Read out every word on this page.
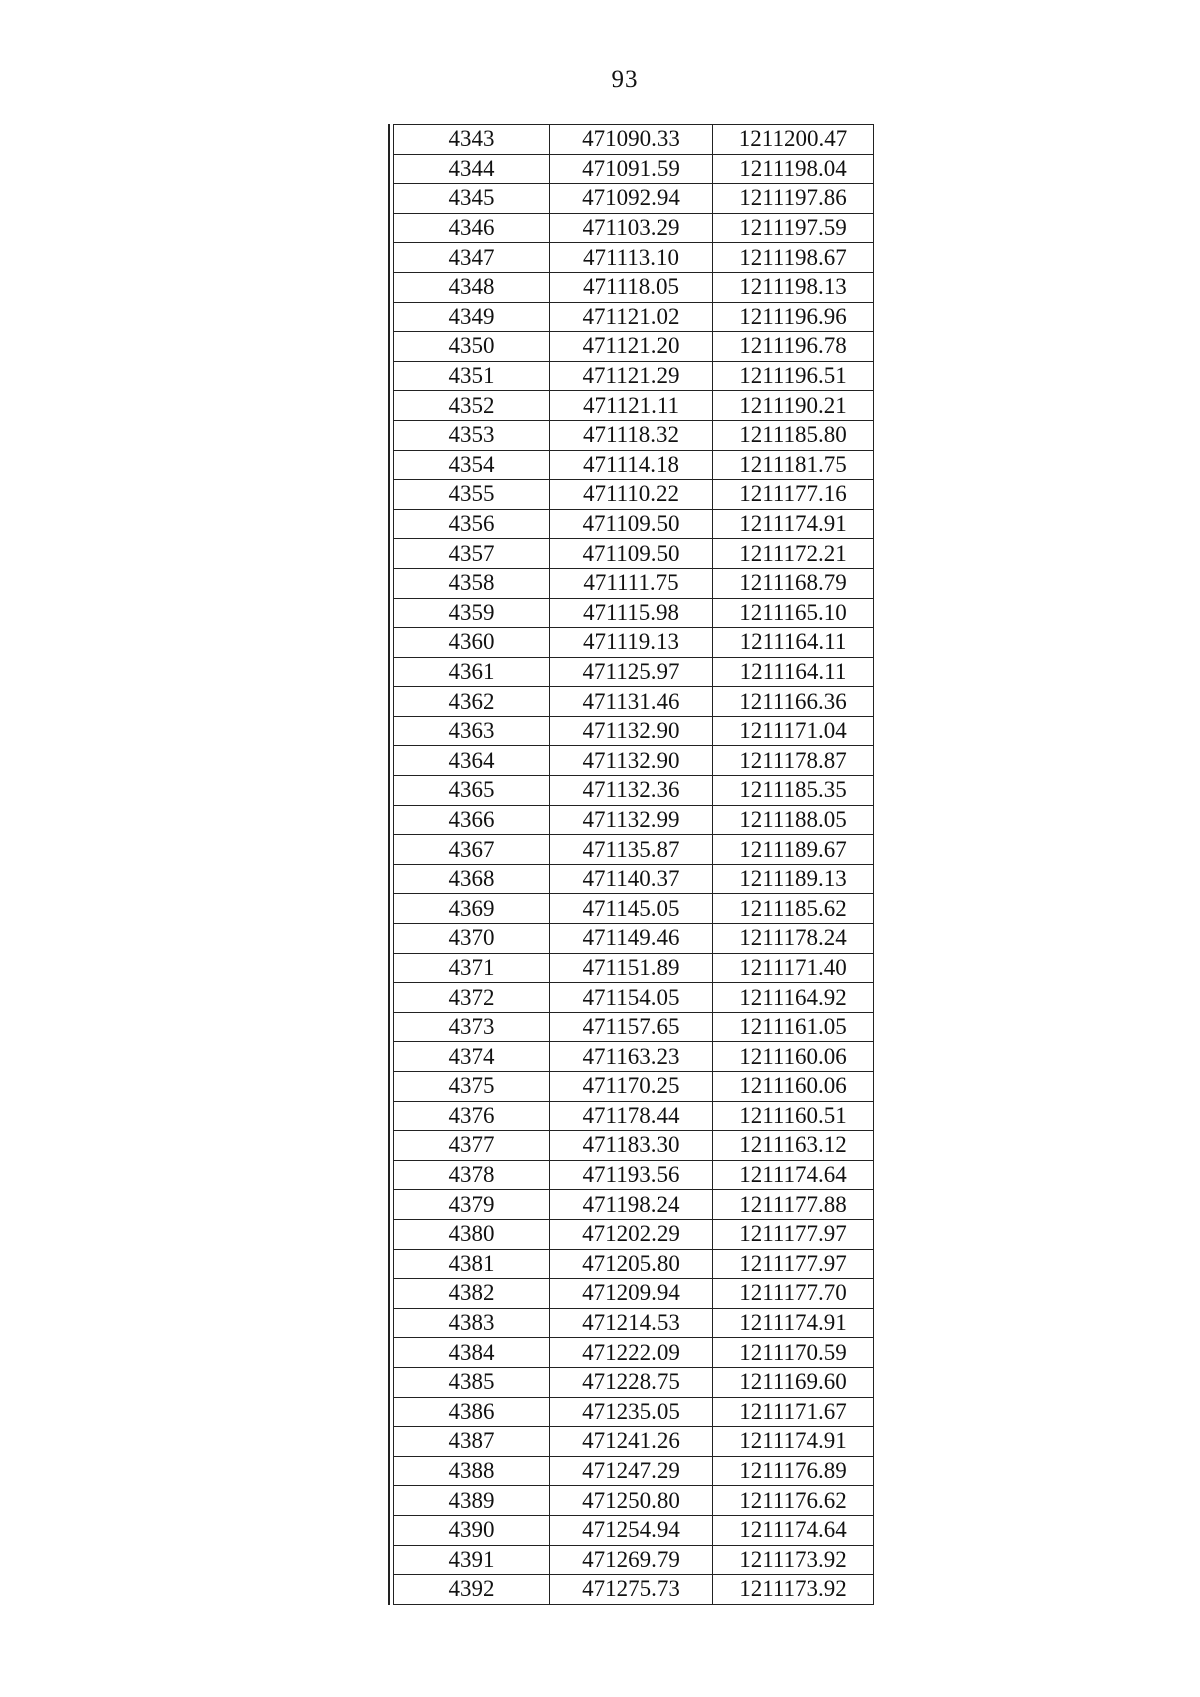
93
4343	471090.33	1211200.47
4344	471091.59	1211198.04
4345	471092.94	1211197.86
4346	471103.29	1211197.59
4347	471113.10	1211198.67
4348	471118.05	1211198.13
4349	471121.02	1211196.96
4350	471121.20	1211196.78
4351	471121.29	1211196.51
4352	471121.11	1211190.21
4353	471118.32	1211185.80
4354	471114.18	1211181.75
4355	471110.22	1211177.16
4356	471109.50	1211174.91
4357	471109.50	1211172.21
4358	471111.75	1211168.79
4359	471115.98	1211165.10
4360	471119.13	1211164.11
4361	471125.97	1211164.11
4362	471131.46	1211166.36
4363	471132.90	1211171.04
4364	471132.90	1211178.87
4365	471132.36	1211185.35
4366	471132.99	1211188.05
4367	471135.87	1211189.67
4368	471140.37	1211189.13
4369	471145.05	1211185.62
4370	471149.46	1211178.24
4371	471151.89	1211171.40
4372	471154.05	1211164.92
4373	471157.65	1211161.05
4374	471163.23	1211160.06
4375	471170.25	1211160.06
4376	471178.44	1211160.51
4377	471183.30	1211163.12
4378	471193.56	1211174.64
4379	471198.24	1211177.88
4380	471202.29	1211177.97
4381	471205.80	1211177.97
4382	471209.94	1211177.70
4383	471214.53	1211174.91
4384	471222.09	1211170.59
4385	471228.75	1211169.60
4386	471235.05	1211171.67
4387	471241.26	1211174.91
4388	471247.29	1211176.89
4389	471250.80	1211176.62
4390	471254.94	1211174.64
4391	471269.79	1211173.92
4392	471275.73	1211173.92
